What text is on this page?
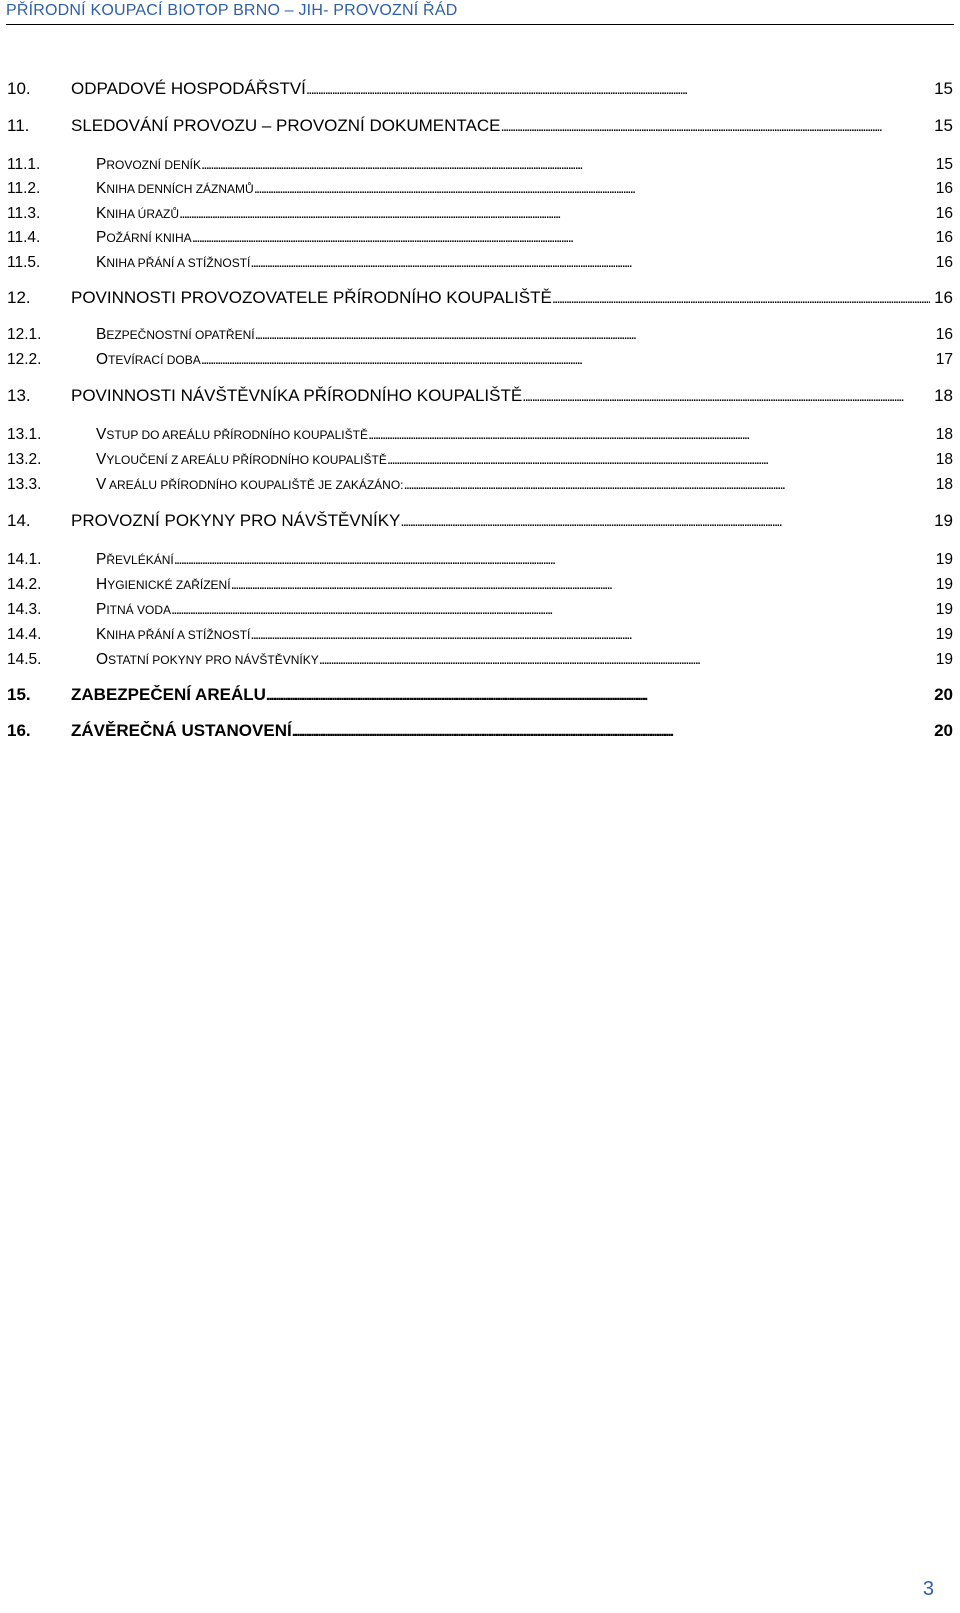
PŘÍRODNÍ KOUPACÍ BIOTOP BRNO – JIH- PROVOZNÍ ŘÁD
10. ODPADOVÉ HOSPODÁŘSTVÍ . . .	15
11. SLEDOVÁNÍ PROVOZU – PROVOZNÍ DOKUMENTACE . . .	15
11.1.	PROVOZNÍ DENÍK . . .	15
11.2.	KNIHA DENNÍCH ZÁZNAMŮ . . .	16
11.3.	KNIHA ÚRAZŮ . . .	16
11.4.	POŽÁRNÍ KNIHA . . .	16
11.5.	KNIHA PŘÁNÍ A STÍŽNOSTÍ . . .	16
12. POVINNOSTI PROVOZOVATELE PŘÍRODNÍHO KOUPALIŠTĚ . . .	16
12.1.	BEZPEČNOSTNÍ OPATŘENÍ . . .	16
12.2.	OTEVÍRACÍ DOBA . . .	17
13. POVINNOSTI NÁVŠTĚVNÍKA PŘÍRODNÍHO KOUPALIŠTĚ . . .	18
13.1.	VSTUP DO AREÁLU PŘÍRODNÍHO KOUPALIŠTĚ . . .	18
13.2.	VYLOUČENÍ Z AREÁLU PŘÍRODNÍHO KOUPALIŠTĚ . . .	18
13.3.	V AREÁLU PŘÍRODNÍHO KOUPALIŠTĚ JE ZAKÁZÁNO: . . .	18
14. PROVOZNÍ POKYNY PRO NÁVŠTĚVNÍKY . . .	19
14.1.	PŘEVLÉKÁNÍ . . .	19
14.2.	HYGIENICKÉ ZAŘÍZENÍ . . .	19
14.3.	PITNÁ VODA . . .	19
14.4.	KNIHA PŘÁNÍ A STÍŽNOSTÍ . . .	19
14.5.	OSTATNÍ POKYNY PRO NÁVŠTĚVNÍKY . . .	19
15. ZABEZPEČENÍ AREÁLU . . .	20
16. ZÁVĚREČNÁ USTANOVENÍ . . .	20
3
